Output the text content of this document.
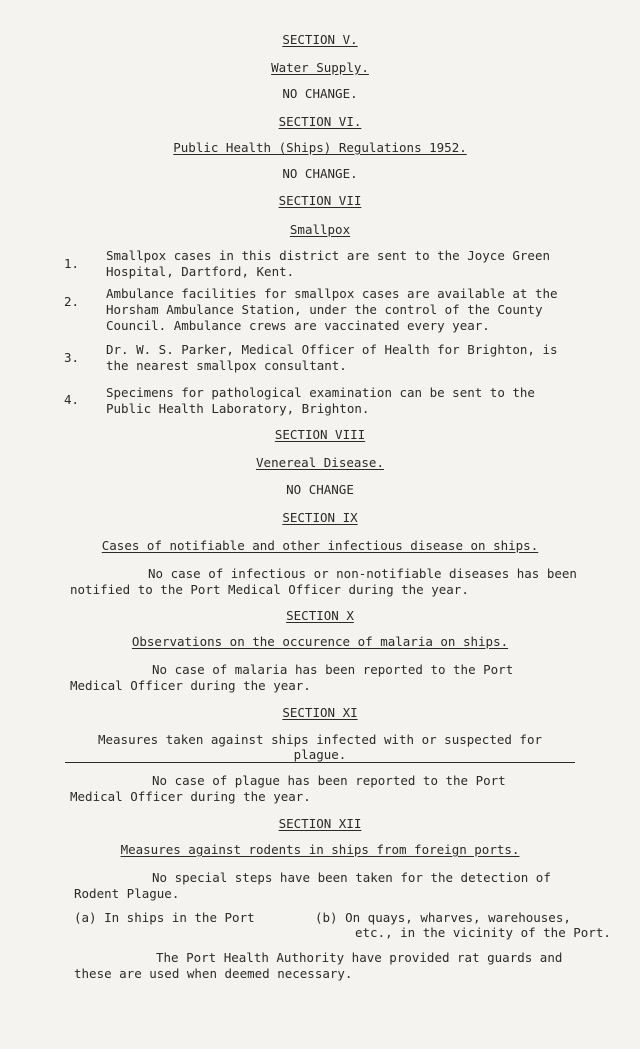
SECTION V.
Water Supply.
NO CHANGE.
SECTION VI.
Public Health (Ships) Regulations 1952.
NO CHANGE.
SECTION VII
Smallpox
1.
Smallpox cases in this district are sent to the Joyce Green
Hospital, Dartford, Kent.
2.
Ambulance facilities for smallpox cases are available at the
Horsham Ambulance Station, under the control of the County
Council. Ambulance crews are vaccinated every year.
3.
Dr. W. S. Parker, Medical Officer of Health for Brighton, is
the nearest smallpox consultant.
4. Specimens for pathological examination can be sent to the
Public Health Laboratory, Brighton.
SECTION VIII
Venereal Disease.
NO CHANGE
SECTION IX
Cases of notifiable and other infectious disease on ships.
No case of infectious or non-notifiable diseases has been
notified to the Port Medical Officer during the year.
SECTION X
Observations on the occurence of malaria on ships.
No case of malaria has been reported to the Port
Medical Officer during the year.
SECTION XI
Measures taken against ships infected with or suspected for
plague.
No case of plague has been reported to the Port
Medical Officer during the year.
SECTION XII
Measures against rodents in ships from foreign ports.
No special steps have been taken for the detection of
Rodent Plague.
(a) In ships in the Port	(b) On quays, wharves, warehouses,
etc., in the vicinity of the Port.
The Port Health Authority have provided rat guards and
these are used when deemed necessary.
